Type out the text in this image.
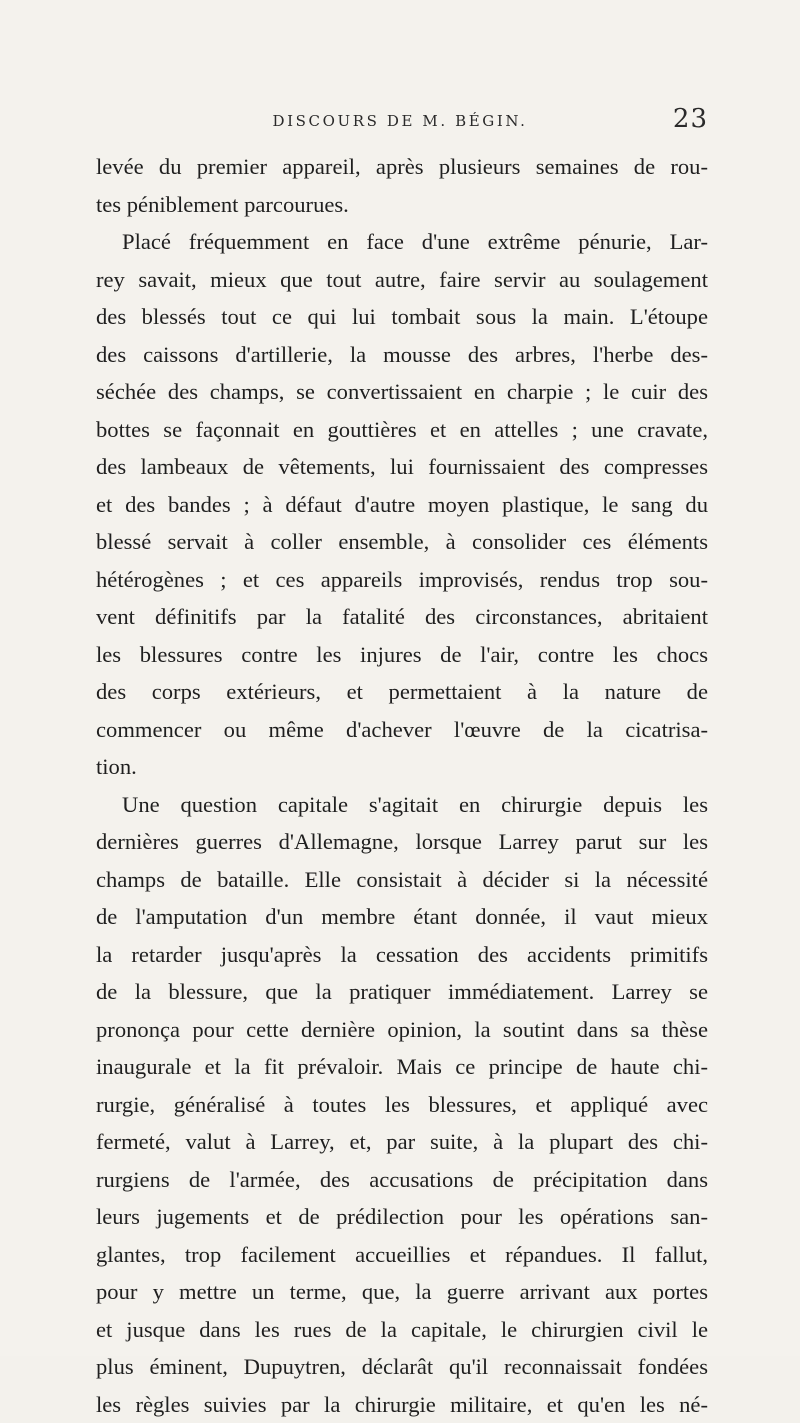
DISCOURS DE M. BÉGIN.	23
levée du premier appareil, après plusieurs semaines de rou-
tes péniblement parcourues.
Placé fréquemment en face d'une extrême pénurie, Lar-
rey savait, mieux que tout autre, faire servir au soulagement
des blessés tout ce qui lui tombait sous la main. L'étoupe
des caissons d'artillerie, la mousse des arbres, l'herbe des-
séchée des champs, se convertissaient en charpie ; le cuir des
bottes se façonnait en gouttières et en attelles ; une cravate,
des lambeaux de vêtements, lui fournissaient des compresses
et des bandes ; à défaut d'autre moyen plastique, le sang du
blessé servait à coller ensemble, à consolider ces éléments
hétérogènes ; et ces appareils improvisés, rendus trop sou-
vent définitifs par la fatalité des circonstances, abritaient
les blessures contre les injures de l'air, contre les chocs
des corps extérieurs, et permettaient à la nature de
commencer ou même d'achever l'œuvre de la cicatrisa-
tion.
Une question capitale s'agitait en chirurgie depuis les
dernières guerres d'Allemagne, lorsque Larrey parut sur les
champs de bataille. Elle consistait à décider si la nécessité
de l'amputation d'un membre étant donnée, il vaut mieux
la retarder jusqu'après la cessation des accidents primitifs
de la blessure, que la pratiquer immédiatement. Larrey se
prononça pour cette dernière opinion, la soutint dans sa thèse
inaugurale et la fit prévaloir. Mais ce principe de haute chi-
rurgie, généralisé à toutes les blessures, et appliqué avec
fermeté, valut à Larrey, et, par suite, à la plupart des chi-
rurgiens de l'armée, des accusations de précipitation dans
leurs jugements et de prédilection pour les opérations san-
glantes, trop facilement accueillies et répandues. Il fallut,
pour y mettre un terme, que, la guerre arrivant aux portes
et jusque dans les rues de la capitale, le chirurgien civil le
plus éminent, Dupuytren, déclarât qu'il reconnaissait fondées
les règles suivies par la chirurgie militaire, et qu'en les né-
